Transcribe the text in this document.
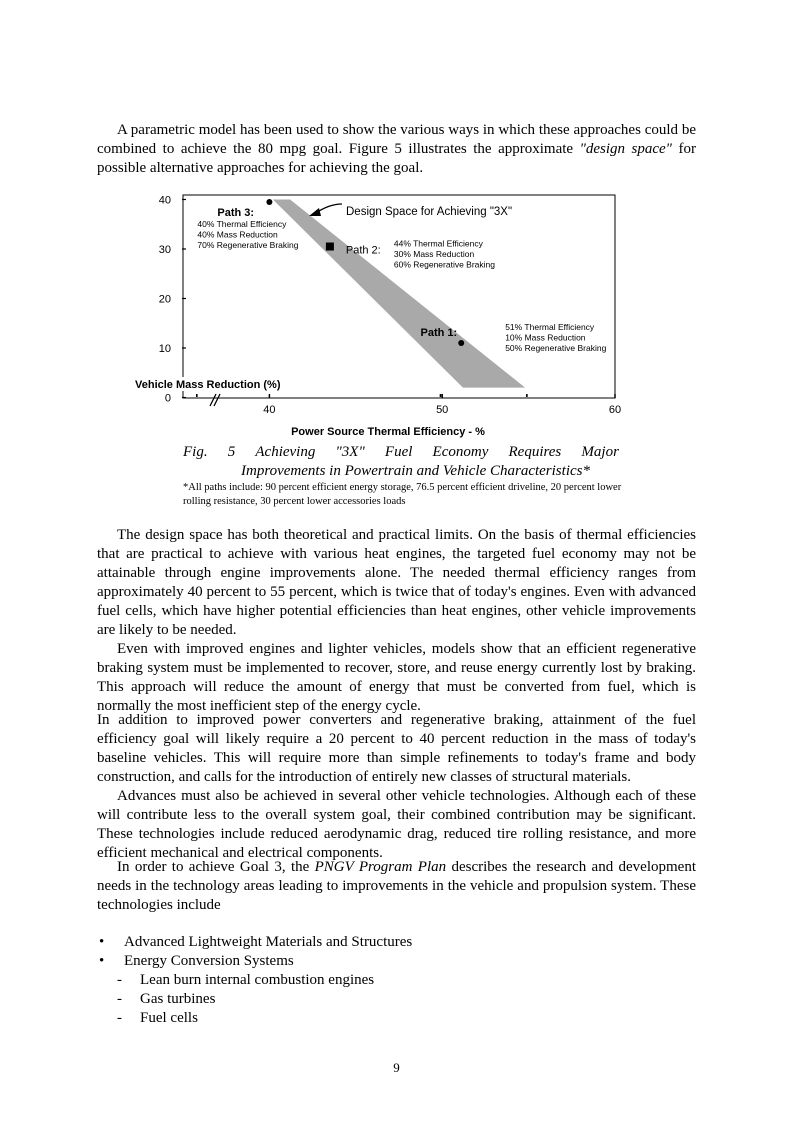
A parametric model has been used to show the various ways in which these approaches could be combined to achieve the 80 mpg goal. Figure 5 illustrates the approximate "design space" for possible alternative approaches for achieving the goal.

0
10
20
30
40
40	50	60
Power Source Thermal Efficiency - %
Vehicle Mass Reduction (%)
Design Space for Achieving "3X"
Path 3:
40% Thermal Efficiency
40% Mass Reduction
70% Regenerative Braking	Path 2:
44% Thermal Efficiency
30% Mass Reduction
60% Regenerative Braking
Path 1:	51% Thermal Efficiency
10% Mass Reduction
50% Regenerative Braking
Fig. 5 Achieving "3X" Fuel Economy Requires Major
Improvements in Powertrain and Vehicle Characteristics*

*All paths include: 90 percent efficient energy storage, 76.5 percent efficient driveline, 20 percent lower rolling resistance, 30 percent lower accessories loads

The design space has both theoretical and practical limits. On the basis of thermal efficiencies that are practical to achieve with various heat engines, the targeted fuel economy may not be attainable through engine improvements alone. The needed thermal efficiency ranges from approximately 40 percent to 55 percent, which is twice that of today's engines. Even with advanced fuel cells, which have higher potential efficiencies than heat engines, other vehicle improvements are likely to be needed.

Even with improved engines and lighter vehicles, models show that an efficient regenerative braking system must be implemented to recover, store, and reuse energy currently lost by braking. This approach will reduce the amount of energy that must be converted from fuel, which is normally the most inefficient step of the energy cycle.

In addition to improved power converters and regenerative braking, attainment of the fuel efficiency goal will likely require a 20 percent to 40 percent reduction in the mass of today's baseline vehicles. This will require more than simple refinements to today's frame and body construction, and calls for the introduction of entirely new classes of structural materials.

Advances must also be achieved in several other vehicle technologies. Although each of these will contribute less to the overall system goal, their combined contribution may be significant. These technologies include reduced aerodynamic drag, reduced tire rolling resistance, and more efficient mechanical and electrical components.

In order to achieve Goal 3, the PNGV Program Plan describes the research and development needs in the technology areas leading to improvements in the vehicle and propulsion system. These technologies include

•	Advanced Lightweight Materials and Structures
•	Energy Conversion Systems
-	Lean burn internal combustion engines
-	Gas turbines
-	Fuel cells
9
